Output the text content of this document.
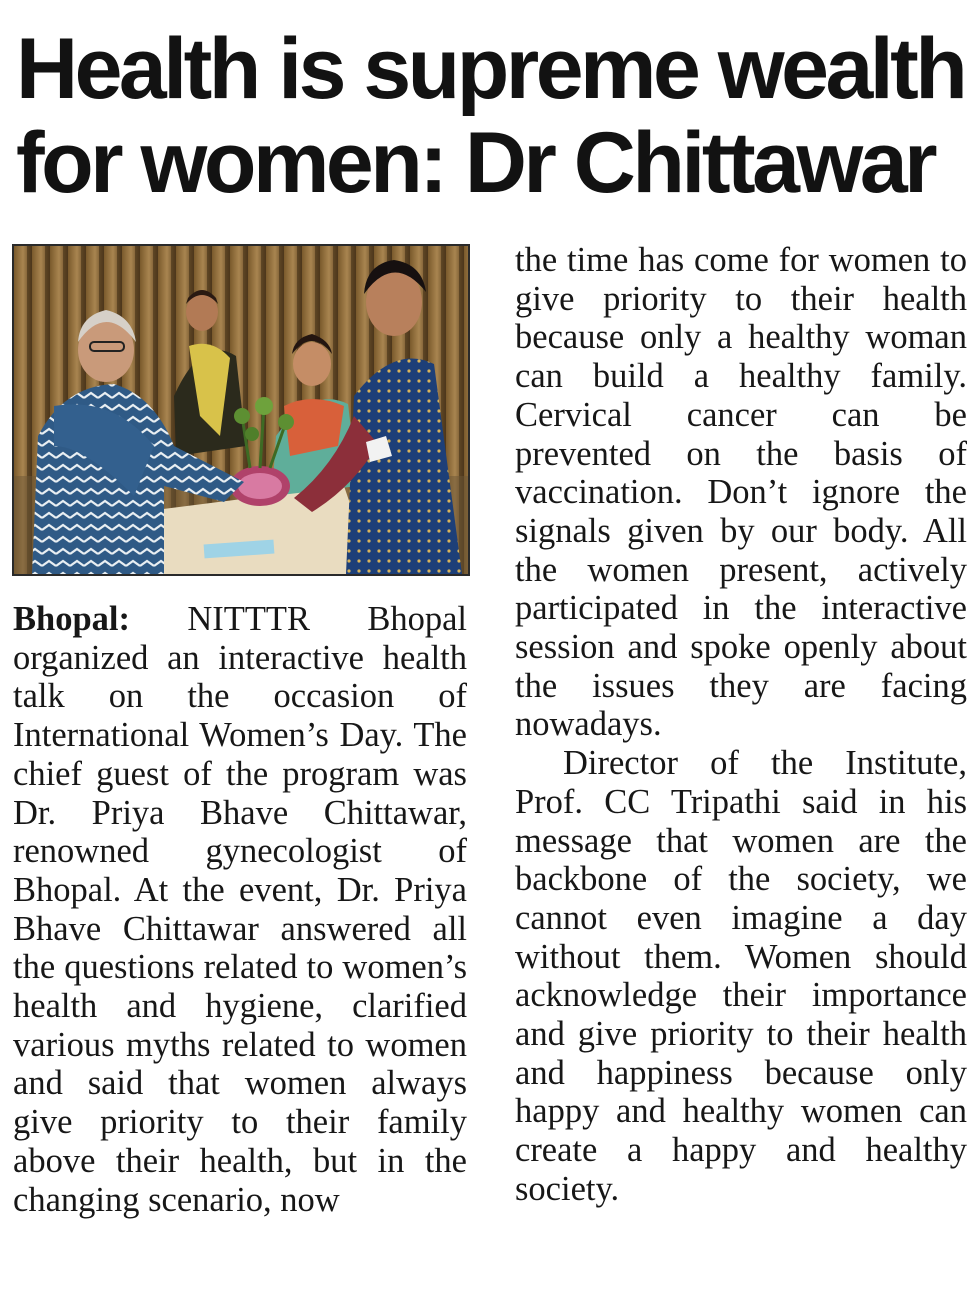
Health is supreme wealth
for women: Dr Chittawar

Bhopal: NITTTR Bhopal organized an interactive health talk on the occasion of International Women’s Day. The chief guest of the program was Dr. Priya Bhave Chittawar, renowned gynecologist of Bhopal. At the event, Dr. Priya Bhave Chittawar answered all the questions related to women’s health and hygiene, clarified various myths related to women and said that women always give priority to their family above their health, but in the changing scenario, now

the time has come for women to give priority to their health because only a healthy woman can build a healthy family. Cervical cancer can be prevented on the basis of vaccination. Don’t ignore the signals given by our body. All the women present, actively participated in the interactive session and spoke openly about the issues they are facing nowadays.

Director of the Institute, Prof. CC Tripathi said in his message that women are the backbone of the society, we cannot even imagine a day without them. Women should acknowledge their importance and give priority to their health and happiness because only happy and healthy women can create a happy and healthy society.
